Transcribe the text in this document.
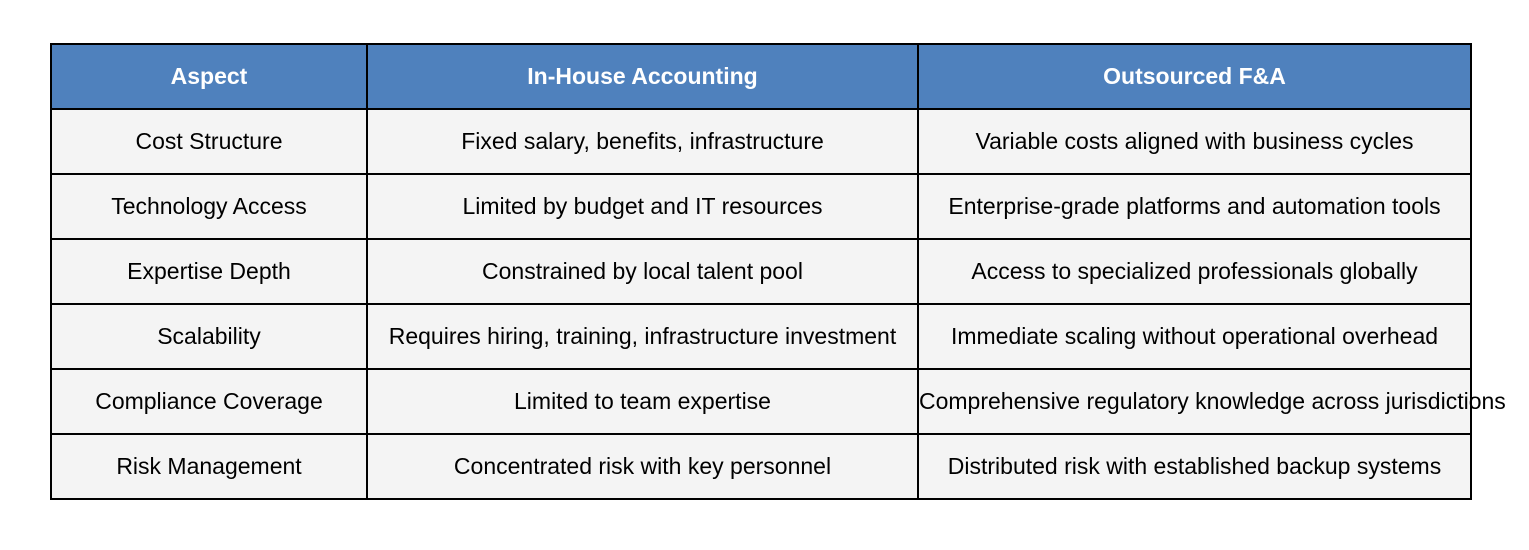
Aspect	In-House Accounting	Outsourced F&A
Cost Structure	Fixed salary, benefits, infrastructure	Variable costs aligned with business cycles
Technology Access	Limited by budget and IT resources	Enterprise-grade platforms and automation tools
Expertise Depth	Constrained by local talent pool	Access to specialized professionals globally
Scalability	Requires hiring, training, infrastructure investment	Immediate scaling without operational overhead
Compliance Coverage	Limited to team expertise	Comprehensive regulatory knowledge across jurisdictions
Risk Management	Concentrated risk with key personnel	Distributed risk with established backup systems
